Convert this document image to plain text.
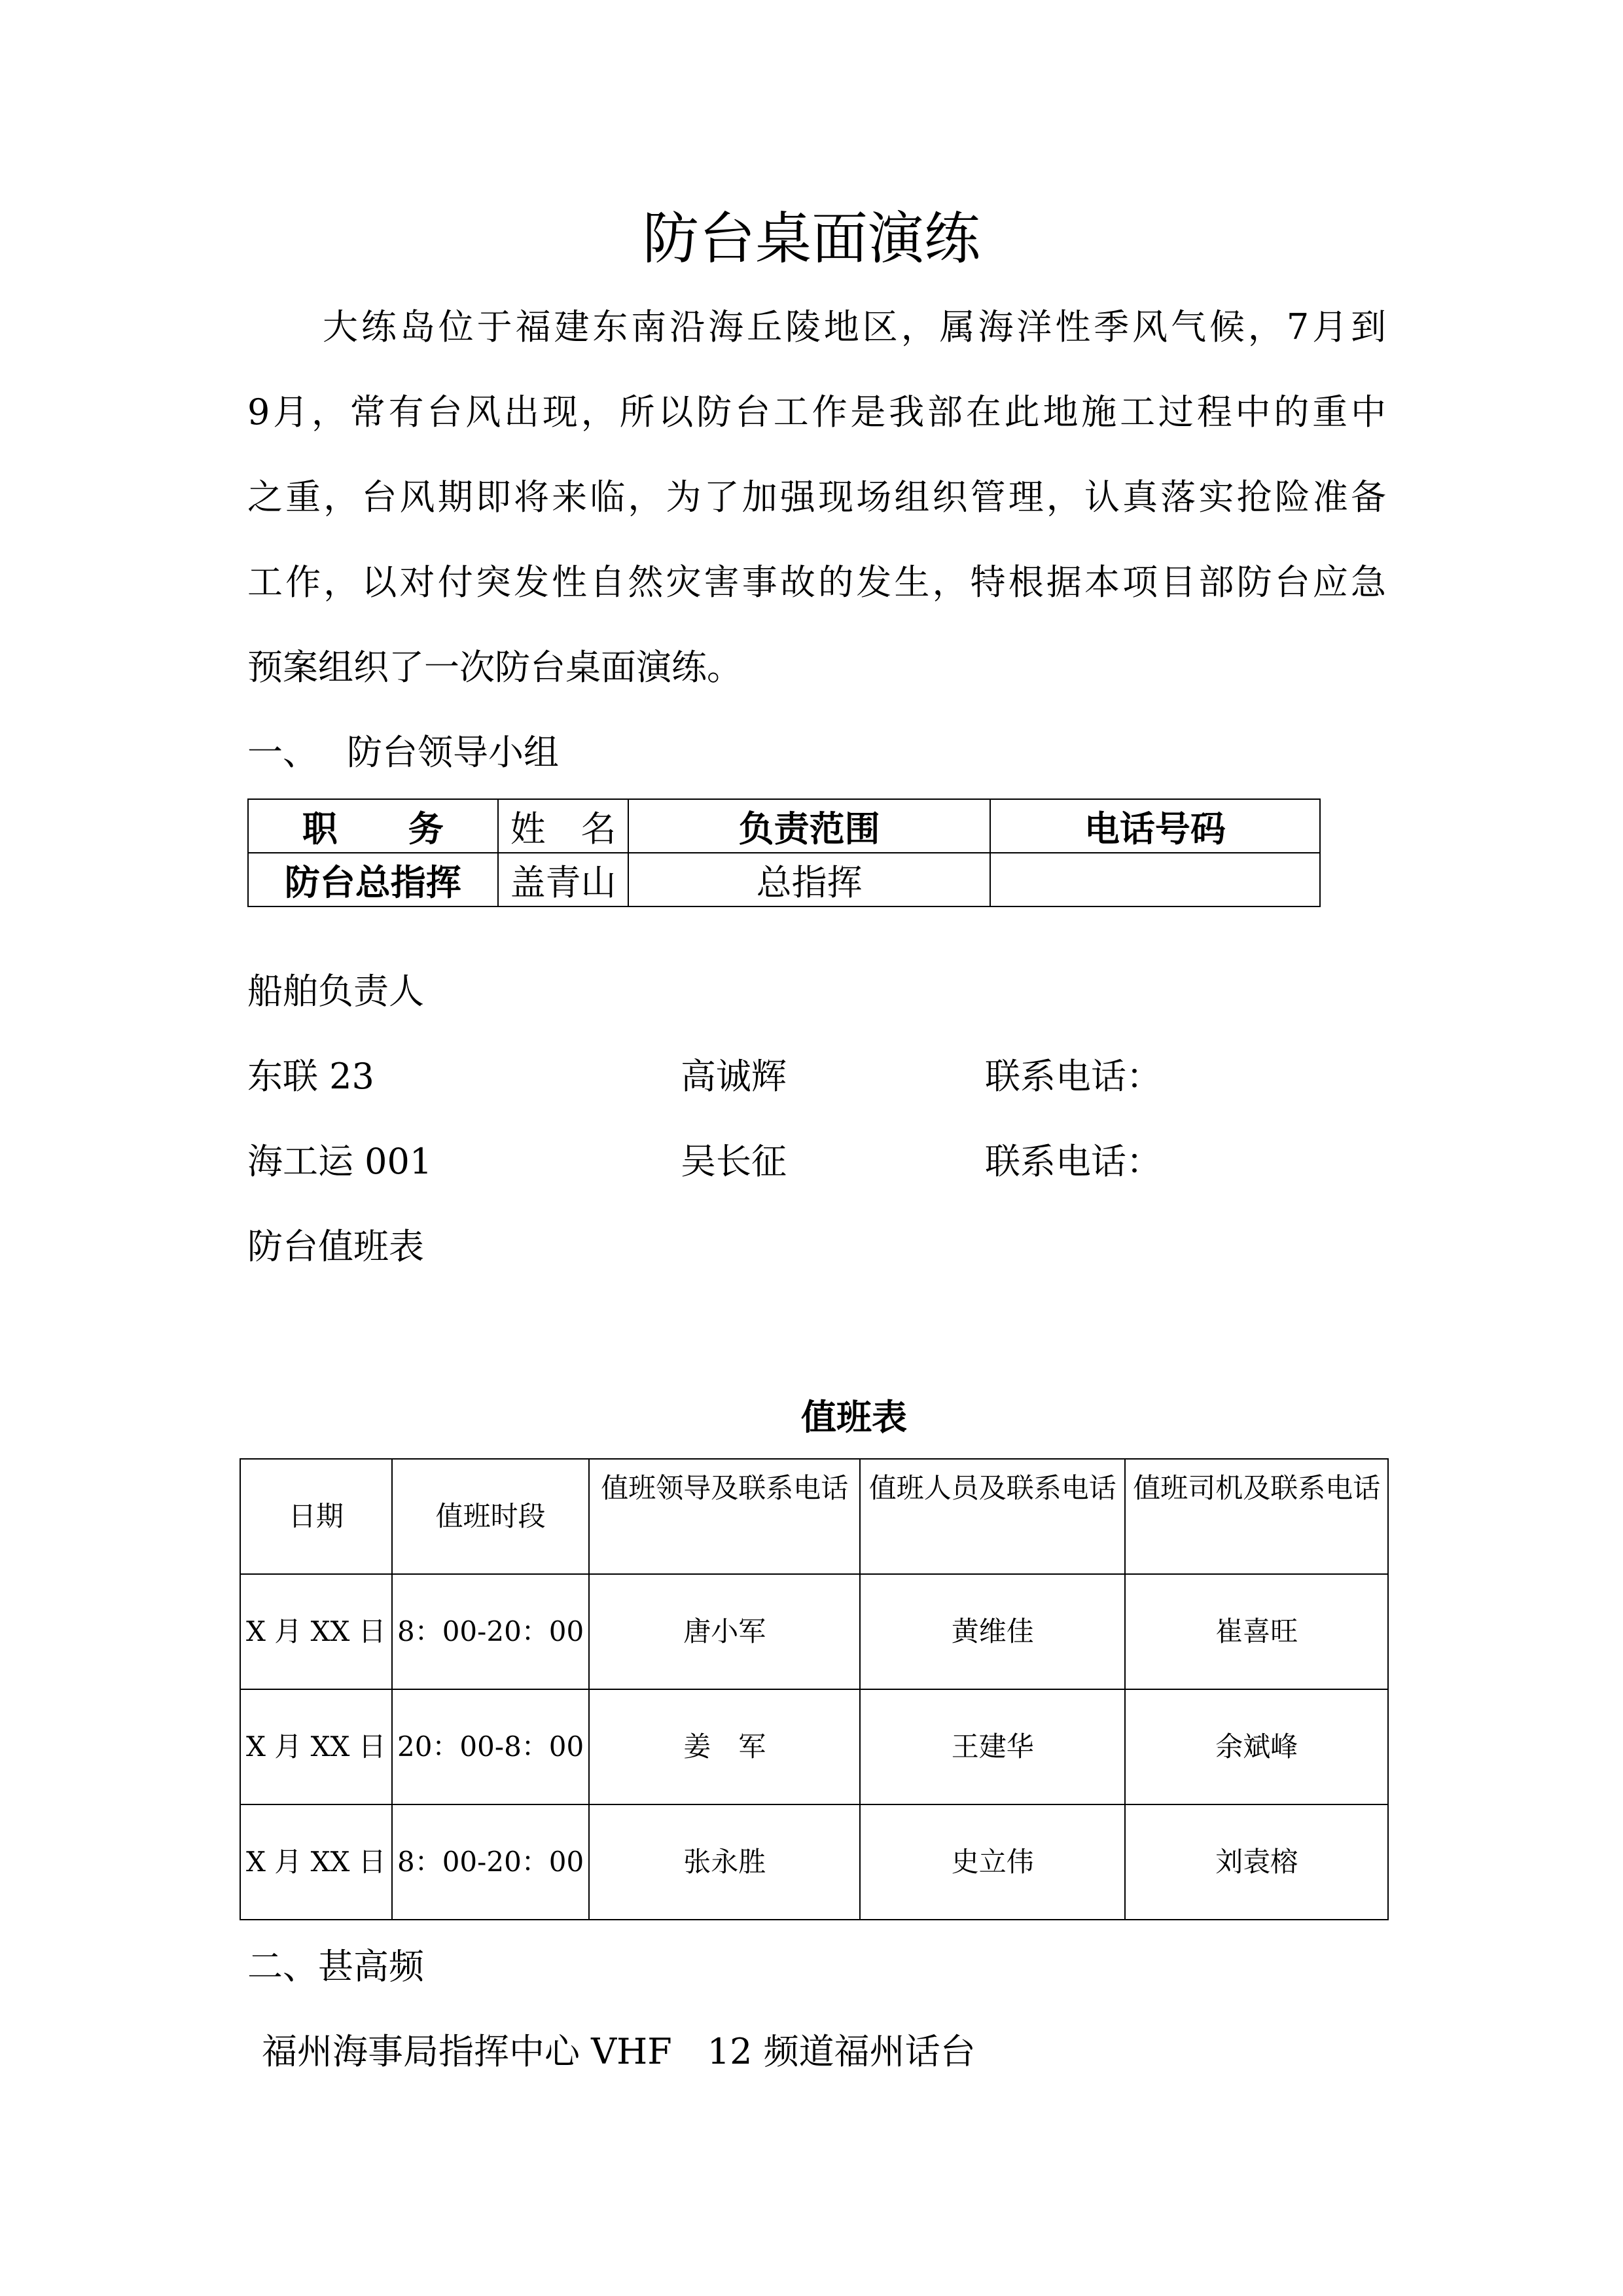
防台桌面演练
大练岛位于福建东南沿海丘陵地区，属海洋性季风气候，7月到
9月，常有台风出现，所以防台工作是我部在此地施工过程中的重中
之重，台风期即将来临，为了加强现场组织管理，认真落实抢险准备
工作，以对付突发性自然灾害事故的发生，特根据本项目部防台应急
预案组织了一次防台桌面演练。
一、 防台领导小组
职　　务	姓　名	负责范围	电话号码
防台总指挥	盖青山	总指挥	
船舶负责人
东联 23	高诚辉	联系电话：
海工运 001	吴长征	联系电话：
防台值班表
值班表
日期	值班时段	值班领导及联系电话	值班人员及联系电话	值班司机及联系电话
X 月 XX 日	8：00-20：00	唐小军	黄维佳	崔喜旺
X 月 XX 日	20：00-8：00	姜　军	王建华	余斌峰
X 月 XX 日	8：00-20：00	张永胜	史立伟	刘袁榕
二、甚高频
福州海事局指挥中心 VHF　12 频道福州话台
